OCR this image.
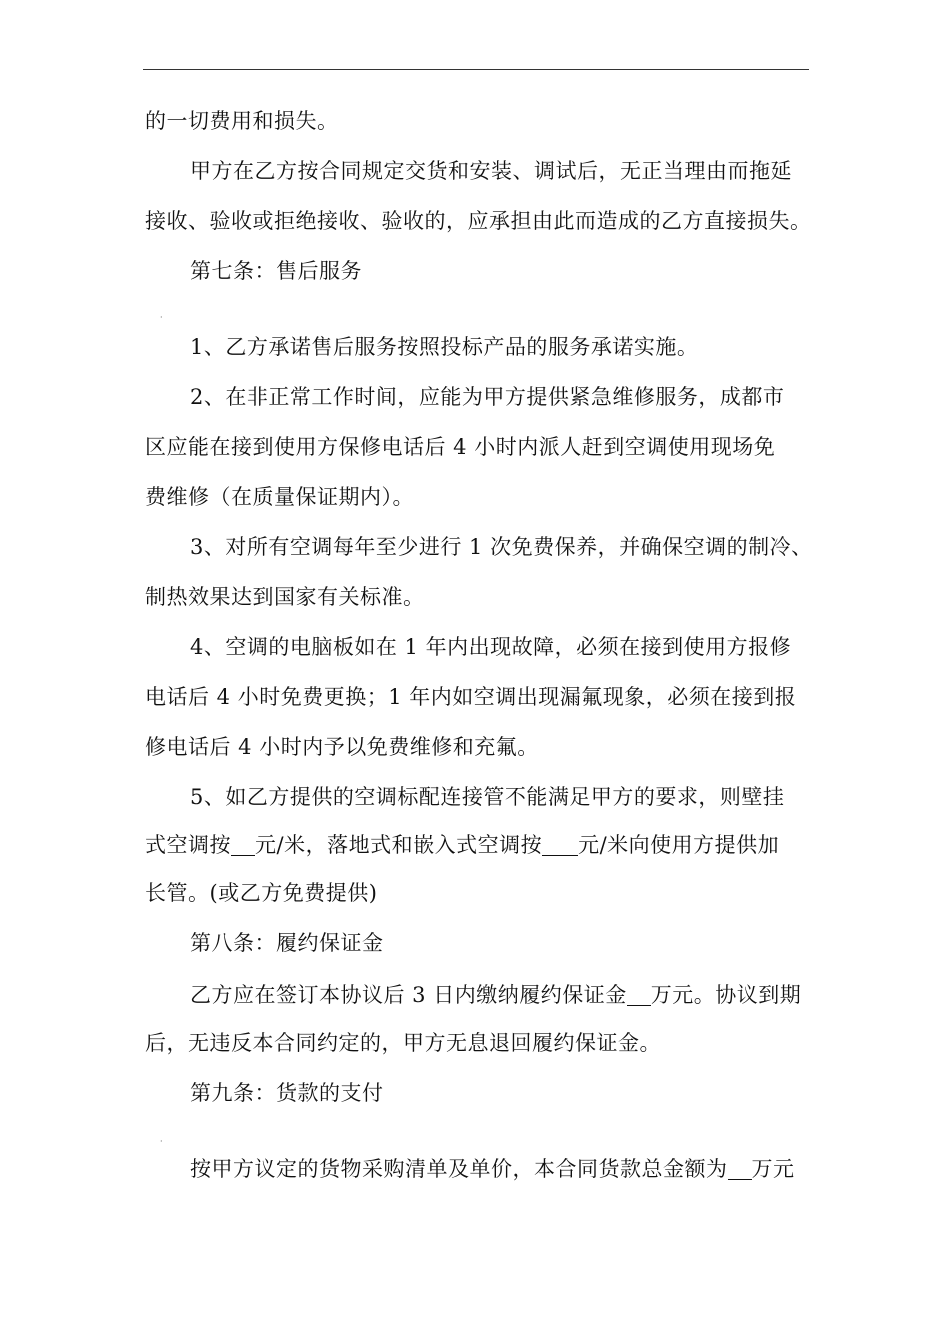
的一切费用和损失。
甲方在乙方按合同规定交货和安装、调试后，无正当理由而拖延
接收、验收或拒绝接收、验收的，应承担由此而造成的乙方直接损失。
第七条：售后服务
·
1、乙方承诺售后服务按照投标产品的服务承诺实施。
2、在非正常工作时间，应能为甲方提供紧急维修服务，成都市
区应能在接到使用方保修电话后 4 小时内派人赶到空调使用现场免
费维修（在质量保证期内）。
3、对所有空调每年至少进行 1 次免费保养，并确保空调的制冷、
制热效果达到国家有关标准。
4、空调的电脑板如在 1 年内出现故障，必须在接到使用方报修
电话后 4 小时免费更换；1 年内如空调出现漏氟现象，必须在接到报
修电话后 4 小时内予以免费维修和充氟。
5、如乙方提供的空调标配连接管不能满足甲方的要求，则壁挂
式空调按 元/米，落地式和嵌入式空调按 元/米向使用方提供加
长管。(或乙方免费提供)
第八条：履约保证金
乙方应在签订本协议后 3 日内缴纳履约保证金 万元。协议到期
后，无违反本合同约定的，甲方无息退回履约保证金。
第九条：货款的支付
·
按甲方议定的货物采购清单及单价，本合同货款总金额为 万元
